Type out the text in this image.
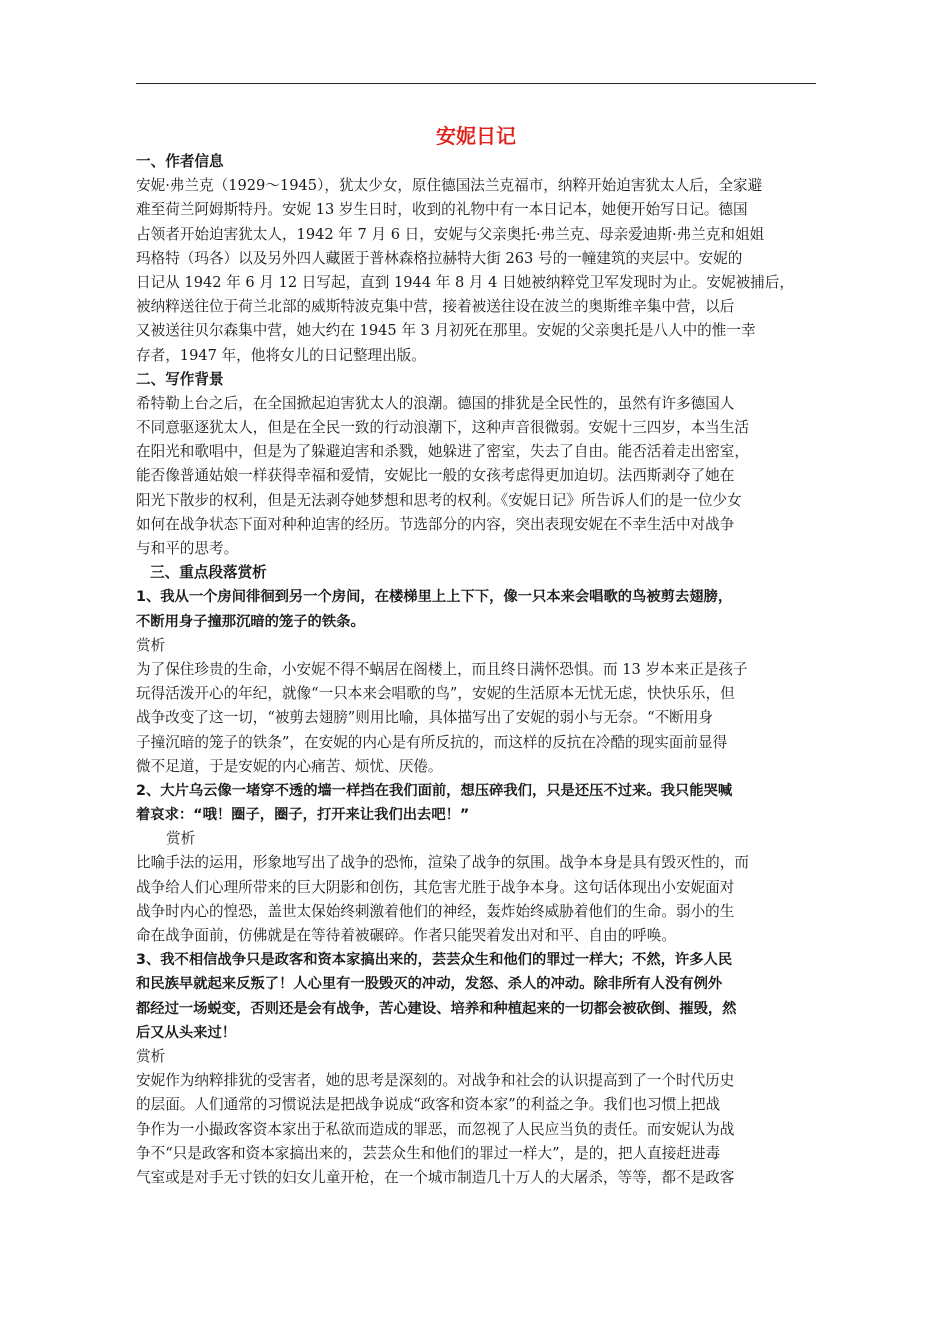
安妮日记
一、作者信息
安妮·弗兰克（1929～1945），犹太少女，原住德国法兰克福市，纳粹开始迫害犹太人后，全家避
难至荷兰阿姆斯特丹。安妮 13 岁生日时，收到的礼物中有一本日记本，她便开始写日记。德国
占领者开始迫害犹太人，1942 年 7 月 6 日，安妮与父亲奥托·弗兰克、母亲爱迪斯·弗兰克和姐姐
玛格特（玛各）以及另外四人藏匿于普林森格拉赫特大街 263 号的一幢建筑的夹层中。安妮的
日记从 1942 年 6 月 12 日写起，直到 1944 年 8 月 4 日她被纳粹党卫军发现时为止。安妮被捕后，
被纳粹送往位于荷兰北部的威斯特波克集中营，接着被送往设在波兰的奥斯维辛集中营，以后
又被送往贝尔森集中营，她大约在 1945 年 3 月初死在那里。安妮的父亲奥托是八人中的惟一幸
存者，1947 年，他将女儿的日记整理出版。
二、写作背景
希特勒上台之后，在全国掀起迫害犹太人的浪潮。德国的排犹是全民性的，虽然有许多德国人
不同意驱逐犹太人，但是在全民一致的行动浪潮下，这种声音很微弱。安妮十三四岁，本当生活
在阳光和歌唱中，但是为了躲避迫害和杀戮，她躲进了密室，失去了自由。能否活着走出密室，
能否像普通姑娘一样获得幸福和爱情，安妮比一般的女孩考虑得更加迫切。法西斯剥夺了她在
阳光下散步的权利，但是无法剥夺她梦想和思考的权利。《安妮日记》所告诉人们的是一位少女
如何在战争状态下面对种种迫害的经历。节选部分的内容，突出表现安妮在不幸生活中对战争
与和平的思考。
三、重点段落赏析
1、我从一个房间徘徊到另一个房间，在楼梯里上上下下，像一只本来会唱歌的鸟被剪去翅膀，
不断用身子撞那沉暗的笼子的铁条。
赏析
为了保住珍贵的生命，小安妮不得不蜗居在阁楼上，而且终日满怀恐惧。而 13 岁本来正是孩子
玩得活泼开心的年纪，就像“一只本来会唱歌的鸟”，安妮的生活原本无忧无虑，快快乐乐，但
战争改变了这一切，“被剪去翅膀”则用比喻，具体描写出了安妮的弱小与无奈。“不断用身
子撞沉暗的笼子的铁条”，在安妮的内心是有所反抗的，而这样的反抗在冷酷的现实面前显得
微不足道，于是安妮的内心痛苦、烦忧、厌倦。
2、大片乌云像一堵穿不透的墙一样挡在我们面前，想压碎我们，只是还压不过来。我只能哭喊
着哀求：“哦！圈子，圈子，打开来让我们出去吧！”
赏析
比喻手法的运用，形象地写出了战争的恐怖，渲染了战争的氛围。战争本身是具有毁灭性的，而
战争给人们心理所带来的巨大阴影和创伤，其危害尤胜于战争本身。这句话体现出小安妮面对
战争时内心的惶恐，盖世太保始终刺激着他们的神经，轰炸始终威胁着他们的生命。弱小的生
命在战争面前，仿佛就是在等待着被碾碎。作者只能哭着发出对和平、自由的呼唤。
3、我不相信战争只是政客和资本家搞出来的，芸芸众生和他们的罪过一样大；不然，许多人民
和民族早就起来反叛了！人心里有一股毁灭的冲动，发怒、杀人的冲动。除非所有人没有例外
都经过一场蜕变，否则还是会有战争，苦心建设、培养和种植起来的一切都会被砍倒、摧毁，然
后又从头来过！
赏析
安妮作为纳粹排犹的受害者，她的思考是深刻的。对战争和社会的认识提高到了一个时代历史
的层面。人们通常的习惯说法是把战争说成“政客和资本家”的利益之争。我们也习惯上把战
争作为一小撮政客资本家出于私欲而造成的罪恶，而忽视了人民应当负的责任。而安妮认为战
争不“只是政客和资本家搞出来的，芸芸众生和他们的罪过一样大”，是的，把人直接赶进毒
气室或是对手无寸铁的妇女儿童开枪，在一个城市制造几十万人的大屠杀，等等，都不是政客
